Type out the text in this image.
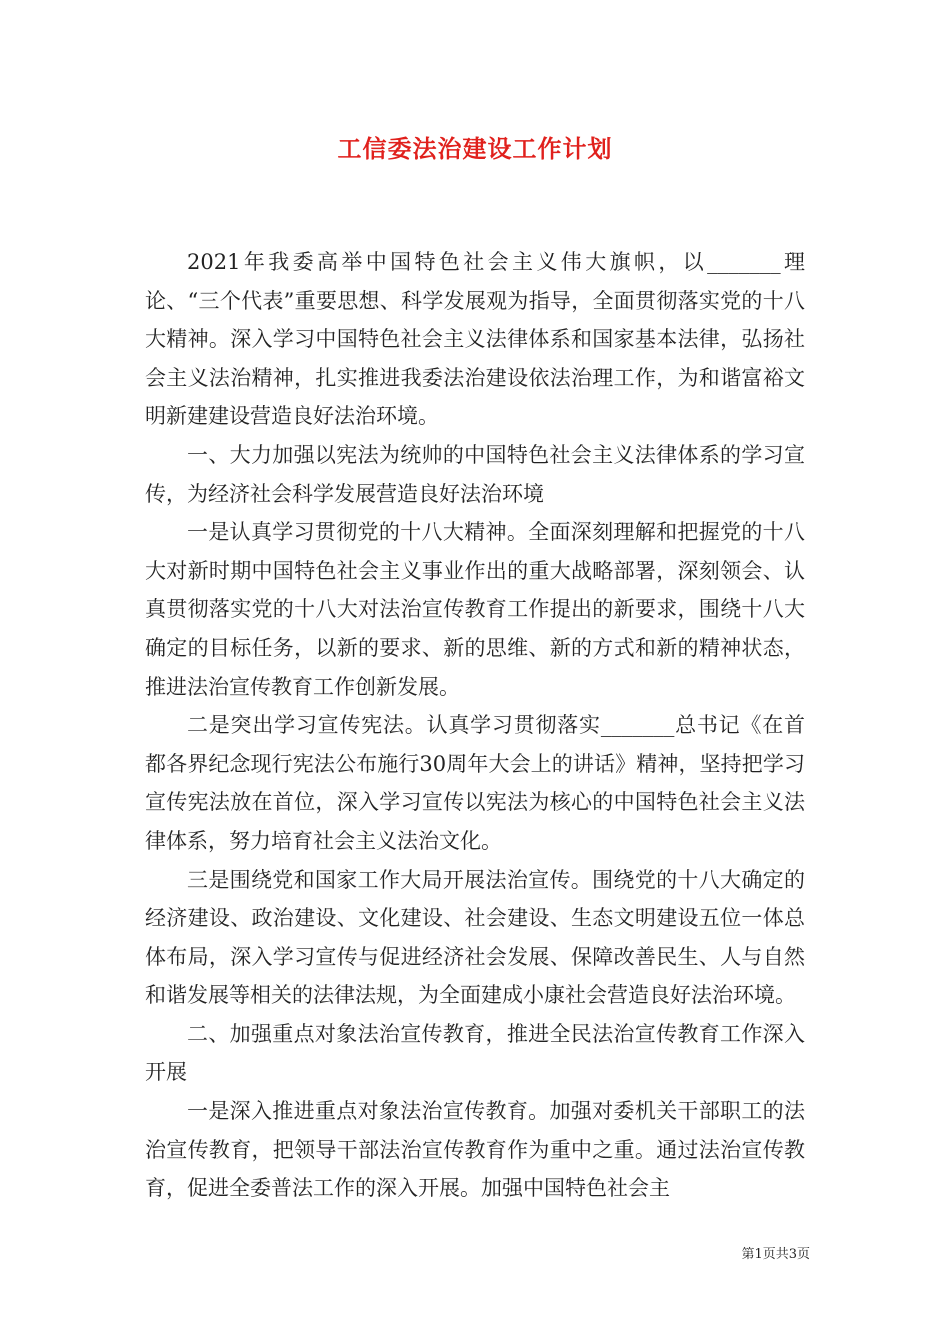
工信委法治建设工作计划

2021年我委高举中国特色社会主义伟大旗帜，以_______理论、“三个代表”重要思想、科学发展观为指导，全面贯彻落实党的十八大精神。深入学习中国特色社会主义法律体系和国家基本法律，弘扬社会主义法治精神，扎实推进我委法治建设依法治理工作，为和谐富裕文明新建建设营造良好法治环境。

一、大力加强以宪法为统帅的中国特色社会主义法律体系的学习宣传，为经济社会科学发展营造良好法治环境

一是认真学习贯彻党的十八大精神。全面深刻理解和把握党的十八大对新时期中国特色社会主义事业作出的重大战略部署，深刻领会、认真贯彻落实党的十八大对法治宣传教育工作提出的新要求，围绕十八大确定的目标任务，以新的要求、新的思维、新的方式和新的精神状态，推进法治宣传教育工作创新发展。

二是突出学习宣传宪法。认真学习贯彻落实_______总书记《在首都各界纪念现行宪法公布施行30周年大会上的讲话》精神，坚持把学习宣传宪法放在首位，深入学习宣传以宪法为核心的中国特色社会主义法律体系，努力培育社会主义法治文化。

三是围绕党和国家工作大局开展法治宣传。围绕党的十八大确定的经济建设、政治建设、文化建设、社会建设、生态文明建设五位一体总体布局，深入学习宣传与促进经济社会发展、保障改善民生、人与自然和谐发展等相关的法律法规，为全面建成小康社会营造良好法治环境。

二、加强重点对象法治宣传教育，推进全民法治宣传教育工作深入开展

一是深入推进重点对象法治宣传教育。加强对委机关干部职工的法治宣传教育，把领导干部法治宣传教育作为重中之重。通过法治宣传教育，促进全委普法工作的深入开展。加强中国特色社会主

第1页共3页
